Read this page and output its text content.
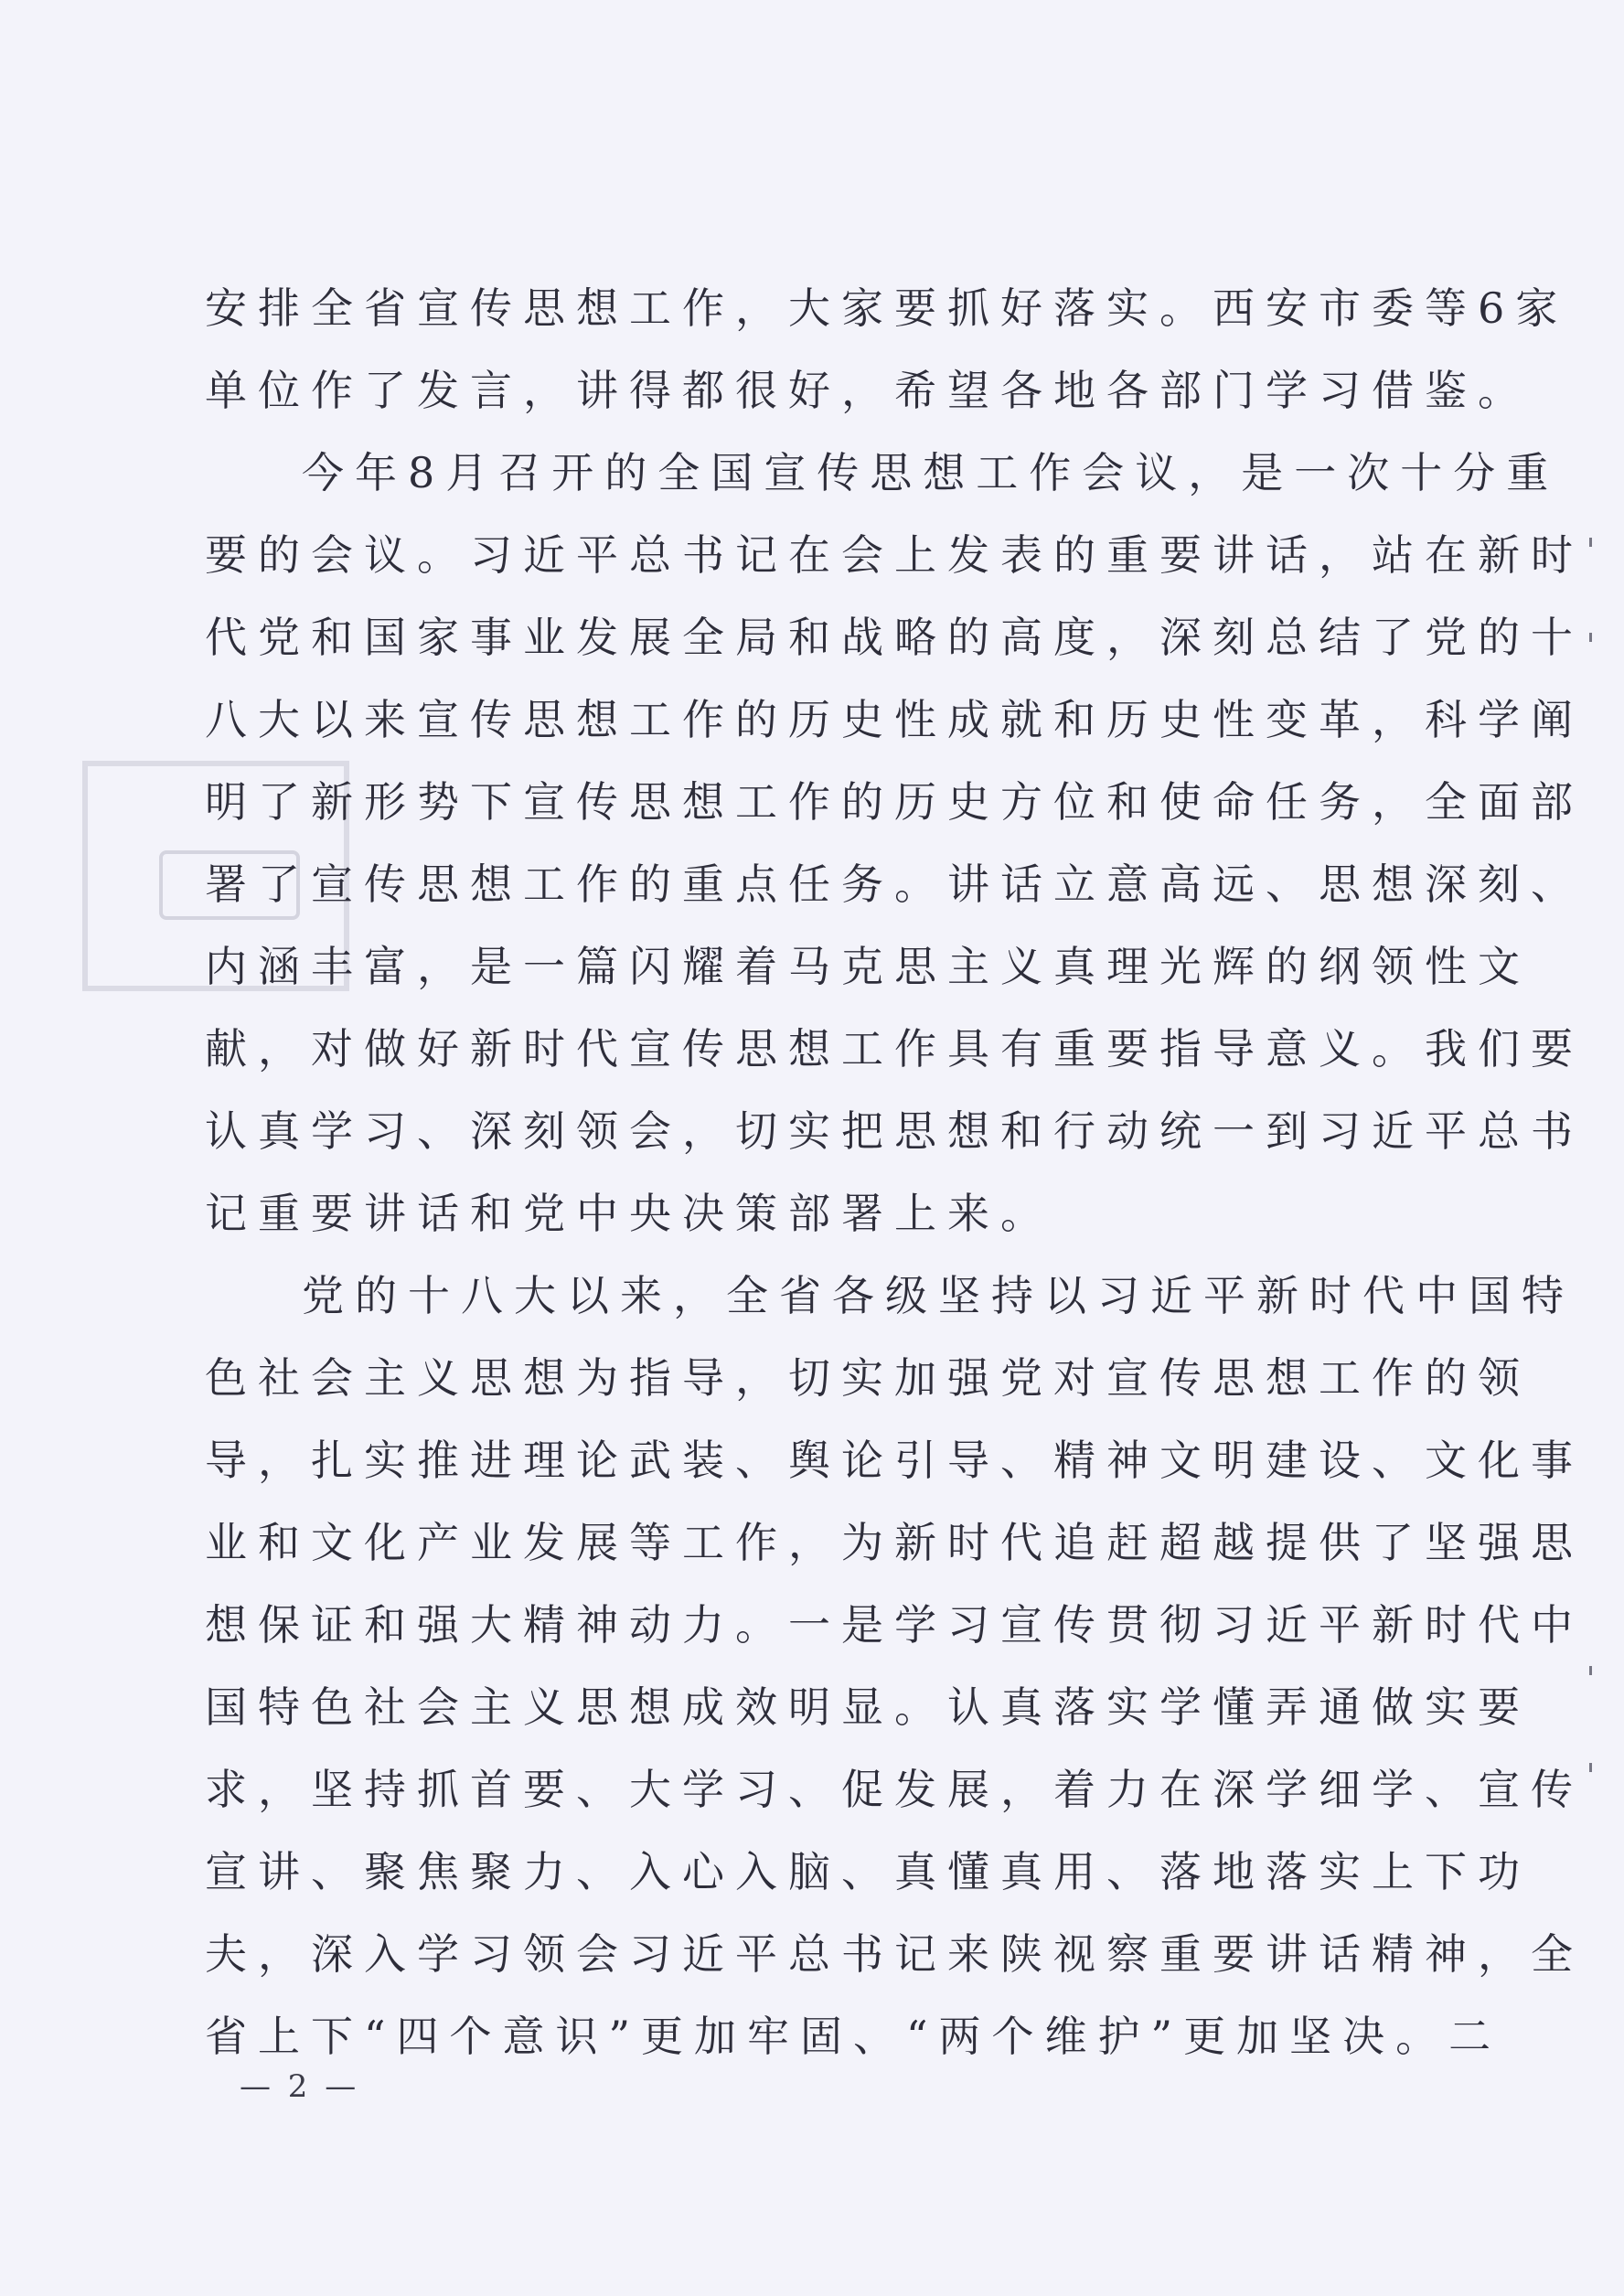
安排全省宣传思想工作，大家要抓好落实。西安市委等6家
单位作了发言，讲得都很好，希望各地各部门学习借鉴。
今年8月召开的全国宣传思想工作会议，是一次十分重
要的会议。习近平总书记在会上发表的重要讲话，站在新时
代党和国家事业发展全局和战略的高度，深刻总结了党的十
八大以来宣传思想工作的历史性成就和历史性变革，科学阐
明了新形势下宣传思想工作的历史方位和使命任务，全面部
署了宣传思想工作的重点任务。讲话立意高远、思想深刻、
内涵丰富，是一篇闪耀着马克思主义真理光辉的纲领性文
献，对做好新时代宣传思想工作具有重要指导意义。我们要
认真学习、深刻领会，切实把思想和行动统一到习近平总书
记重要讲话和党中央决策部署上来。
党的十八大以来，全省各级坚持以习近平新时代中国特
色社会主义思想为指导，切实加强党对宣传思想工作的领
导，扎实推进理论武装、舆论引导、精神文明建设、文化事
业和文化产业发展等工作，为新时代追赶超越提供了坚强思
想保证和强大精神动力。一是学习宣传贯彻习近平新时代中
国特色社会主义思想成效明显。认真落实学懂弄通做实要
求，坚持抓首要、大学习、促发展，着力在深学细学、宣传
宣讲、聚焦聚力、入心入脑、真懂真用、落地落实上下功
夫，深入学习领会习近平总书记来陕视察重要讲话精神，全
省上下“四个意识”更加牢固、“两个维护”更加坚决。二
— 2 —
